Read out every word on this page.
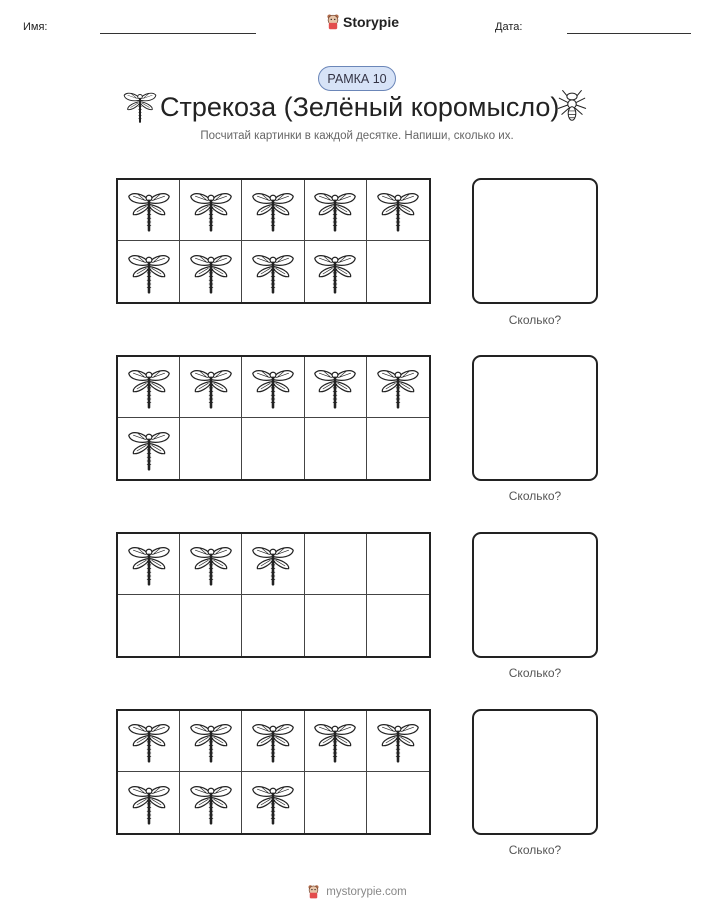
Имя:	Storypie	Дата:
РАМКА 10
Стрекоза (Зелёный коромысло)
Посчитай картинки в каждой десятке. Напиши, сколько их.
Сколько?
Сколько?
Сколько?
Сколько?
mystorypie.com
